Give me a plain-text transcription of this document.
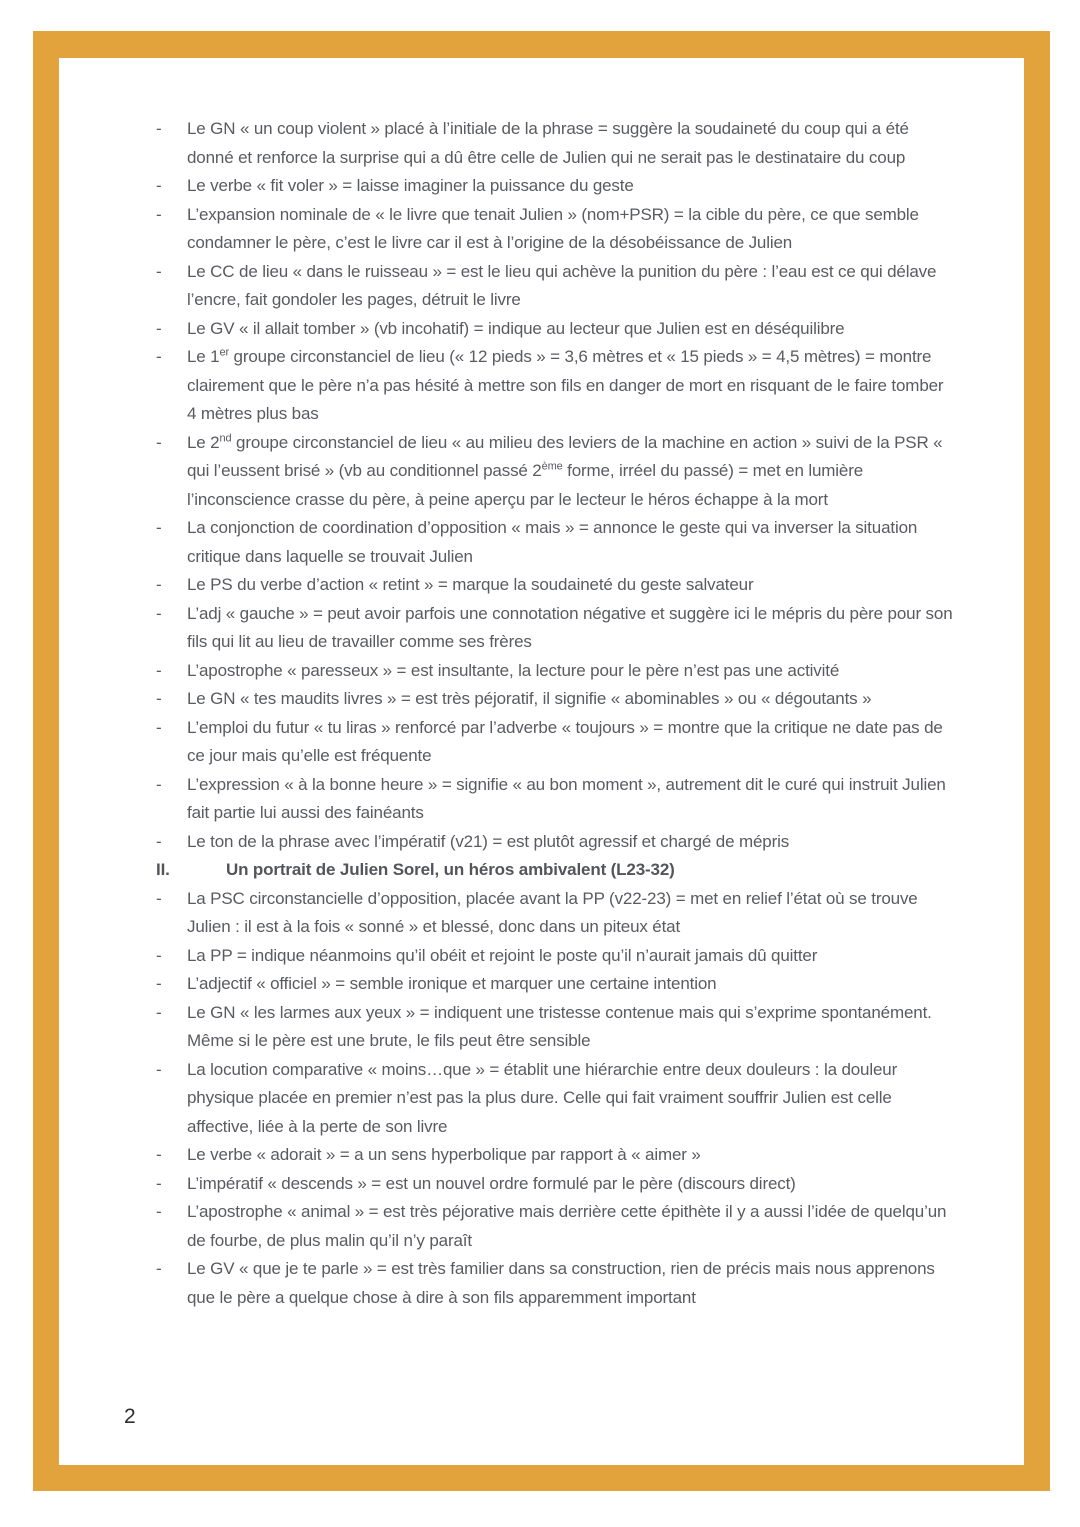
-	Le GN « un coup violent » placé à l’initiale de la phrase = suggère la soudaineté du coup qui a été donné et renforce la surprise qui a dû être celle de Julien qui ne serait pas le destinataire du coup
-	Le verbe « fit voler » = laisse imaginer la puissance du geste
-	L’expansion nominale de « le livre que tenait Julien » (nom+PSR) = la cible du père, ce que semble condamner le père, c’est le livre car il est à l’origine de la désobéissance de Julien
-	Le CC de lieu « dans le ruisseau » = est le lieu qui achève la punition du père : l’eau est ce qui délave l’encre, fait gondoler les pages, détruit le livre
-	Le GV « il allait tomber » (vb incohatif) = indique au lecteur que Julien est en déséquilibre
-	Le 1er groupe circonstanciel de lieu (« 12 pieds » = 3,6 mètres et « 15 pieds » = 4,5 mètres) = montre clairement que le père n’a pas hésité à mettre son fils en danger de mort en risquant de le faire tomber 4 mètres plus bas
-	Le 2nd groupe circonstanciel de lieu « au milieu des leviers de la machine en action » suivi de la PSR « qui l’eussent brisé » (vb au conditionnel passé 2ème forme, irréel du passé) = met en lumière l’inconscience crasse du père, à peine aperçu par le lecteur le héros échappe à la mort
-	La conjonction de coordination d’opposition « mais » = annonce le geste qui va inverser la situation critique dans laquelle se trouvait Julien
-	Le PS du verbe d’action « retint » = marque la soudaineté du geste salvateur
-	L’adj « gauche » = peut avoir parfois une connotation négative et suggère ici le mépris du père pour son fils qui lit au lieu de travailler comme ses frères
-	L’apostrophe « paresseux » = est insultante, la lecture pour le père n’est pas une activité
-	Le GN « tes maudits livres » = est très péjoratif, il signifie « abominables » ou « dégoutants »
-	L’emploi du futur « tu liras » renforcé par l’adverbe « toujours » = montre que la critique ne date pas de ce jour mais qu’elle est fréquente
-	L’expression « à la bonne heure » = signifie « au bon moment », autrement dit le curé qui instruit Julien fait partie lui aussi des fainéants
-	Le ton de la phrase avec l’impératif (v21) = est plutôt agressif et chargé de mépris
II.	Un portrait de Julien Sorel, un héros ambivalent (L23-32)
-	La PSC circonstancielle d’opposition, placée avant la PP (v22-23) = met en relief l’état où se trouve Julien : il est à la fois « sonné » et blessé, donc dans un piteux état
-	La PP = indique néanmoins qu’il obéit et rejoint le poste qu’il n’aurait jamais dû quitter
-	L’adjectif « officiel » = semble ironique et marquer une certaine intention
-	Le GN « les larmes aux yeux » = indiquent une tristesse contenue mais qui s’exprime spontanément. Même si le père est une brute, le fils peut être sensible
-	La locution comparative « moins…que » = établit une hiérarchie entre deux douleurs : la douleur physique placée en premier n’est pas la plus dure. Celle qui fait vraiment souffrir Julien est celle affective, liée à la perte de son livre
-	Le verbe « adorait » = a un sens hyperbolique par rapport à « aimer »
-	L’impératif « descends » = est un nouvel ordre formulé par le père (discours direct)
-	L’apostrophe « animal » = est très péjorative mais derrière cette épithète il y a aussi l’idée de quelqu’un de fourbe, de plus malin qu’il n’y paraît
-	Le GV « que je te parle » = est très familier dans sa construction, rien de précis mais nous apprenons que le père a quelque chose à dire à son fils apparemment important
2
